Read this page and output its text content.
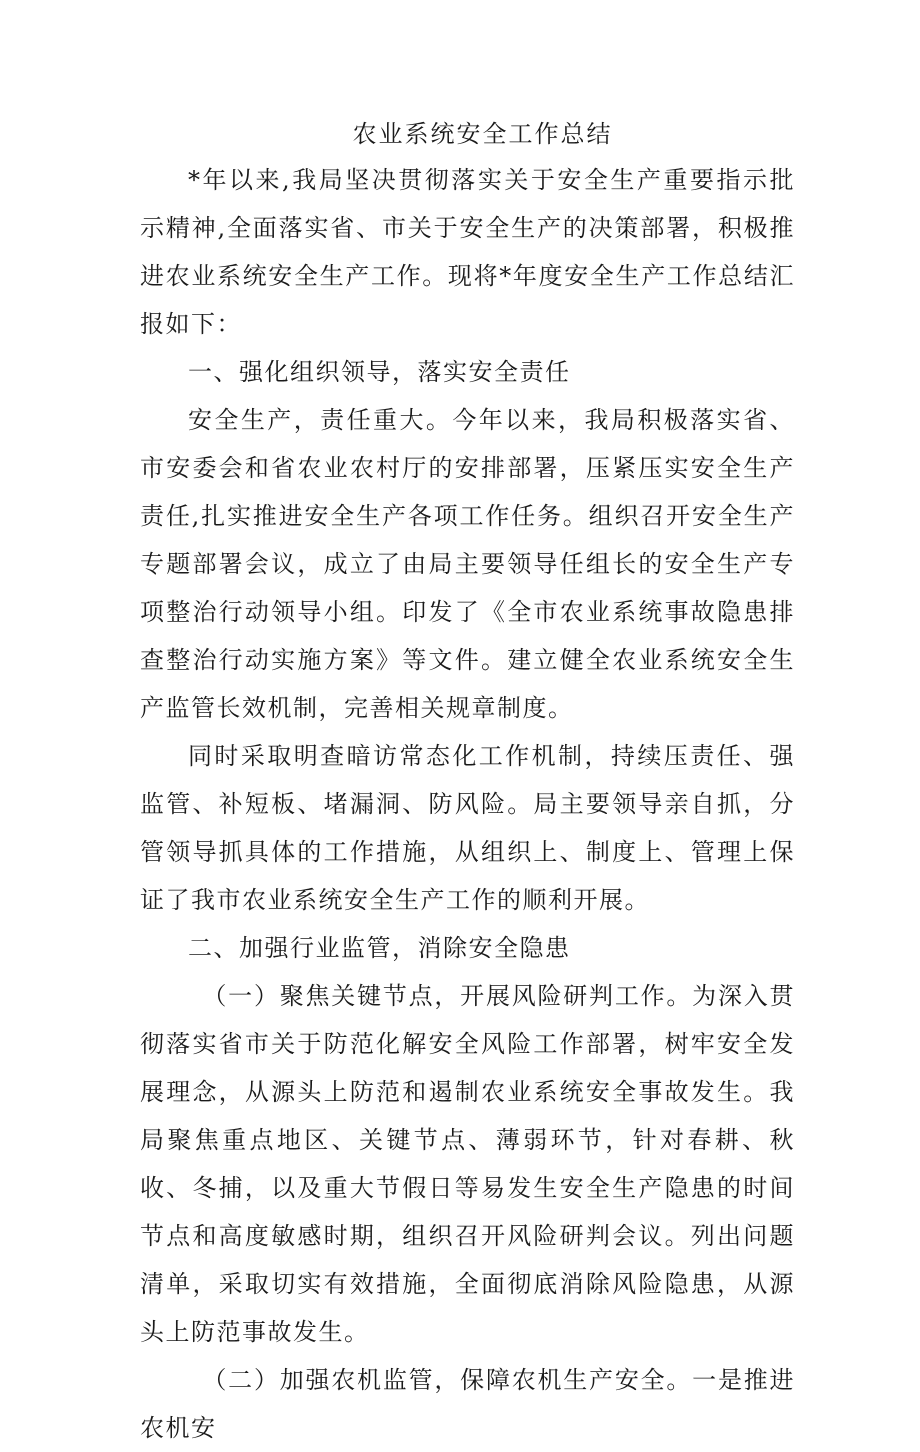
农业系统安全工作总结

*年以来,我局坚决贯彻落实关于安全生产重要指示批示精神,全面落实省、市关于安全生产的决策部署，积极推进农业系统安全生产工作。现将*年度安全生产工作总结汇报如下：

一、强化组织领导，落实安全责任

安全生产，责任重大。今年以来，我局积极落实省、市安委会和省农业农村厅的安排部署，压紧压实安全生产责任,扎实推进安全生产各项工作任务。组织召开安全生产专题部署会议，成立了由局主要领导任组长的安全生产专项整治行动领导小组。印发了《全市农业系统事故隐患排查整治行动实施方案》等文件。建立健全农业系统安全生产监管长效机制，完善相关规章制度。

同时采取明查暗访常态化工作机制，持续压责任、强监管、补短板、堵漏洞、防风险。局主要领导亲自抓，分管领导抓具体的工作措施，从组织上、制度上、管理上保证了我市农业系统安全生产工作的顺利开展。

二、加强行业监管，消除安全隐患

（一）聚焦关键节点，开展风险研判工作。为深入贯彻落实省市关于防范化解安全风险工作部署，树牢安全发展理念，从源头上防范和遏制农业系统安全事故发生。我局聚焦重点地区、关键节点、薄弱环节，针对春耕、秋收、冬捕，以及重大节假日等易发生安全生产隐患的时间节点和高度敏感时期，组织召开风险研判会议。列出问题清单，采取切实有效措施，全面彻底消除风险隐患，从源头上防范事故发生。

（二）加强农机监管，保障农机生产安全。一是推进农机安
